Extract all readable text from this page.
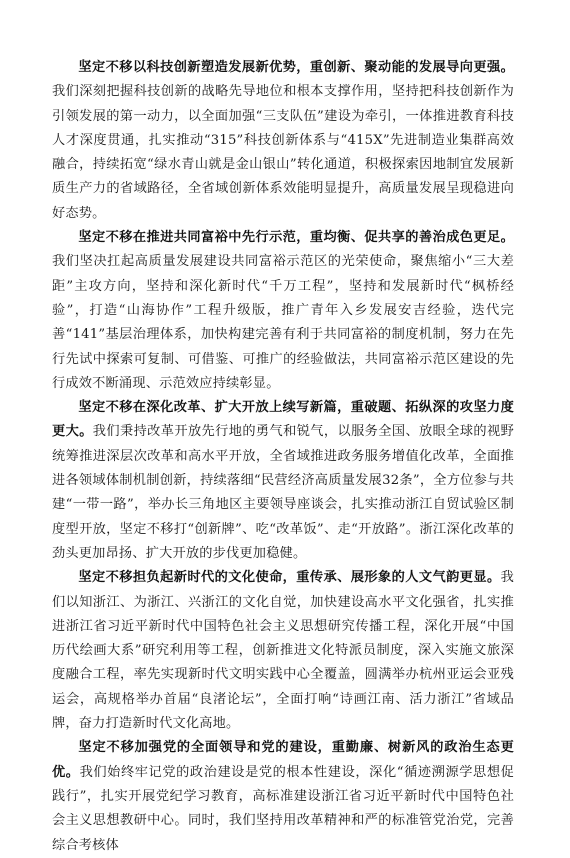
坚定不移以科技创新塑造发展新优势，重创新、聚动能的发展导向更强。我们深刻把握科技创新的战略先导地位和根本支撑作用，坚持把科技创新作为引领发展的第一动力，以全面加强“三支队伍”建设为牵引，一体推进教育科技人才深度贯通，扎实推动“315”科技创新体系与“415X”先进制造业集群高效融合，持续拓宽“绿水青山就是金山银山”转化通道，积极探索因地制宜发展新质生产力的省域路径，全省域创新体系效能明显提升，高质量发展呈现稳进向好态势。

坚定不移在推进共同富裕中先行示范，重均衡、促共享的善治成色更足。我们坚决扛起高质量发展建设共同富裕示范区的光荣使命，聚焦缩小“三大差距”主攻方向，坚持和深化新时代“千万工程”，坚持和发展新时代“枫桥经验”，打造“山海协作”工程升级版，推广青年入乡发展安吉经验，迭代完善“141”基层治理体系，加快构建完善有利于共同富裕的制度机制，努力在先行先试中探索可复制、可借鉴、可推广的经验做法，共同富裕示范区建设的先行成效不断涌现、示范效应持续彰显。

坚定不移在深化改革、扩大开放上续写新篇，重破题、拓纵深的攻坚力度更大。我们秉持改革开放先行地的勇气和锐气，以服务全国、放眼全球的视野统筹推进深层次改革和高水平开放，全省域推进政务服务增值化改革，全面推进各领域体制机制创新，持续落细“民营经济高质量发展32条”，全方位参与共建“一带一路”，举办长三角地区主要领导座谈会，扎实推动浙江自贸试验区制度型开放，坚定不移打“创新牌”、吃“改革饭”、走“开放路”。浙江深化改革的劲头更加昂扬、扩大开放的步伐更加稳健。

坚定不移担负起新时代的文化使命，重传承、展形象的人文气韵更显。我们以知浙江、为浙江、兴浙江的文化自觉，加快建设高水平文化强省，扎实推进浙江省习近平新时代中国特色社会主义思想研究传播工程，深化开展“中国历代绘画大系”研究利用等工程，创新推进文化特派员制度，深入实施文旅深度融合工程，率先实现新时代文明实践中心全覆盖，圆满举办杭州亚运会亚残运会，高规格举办首届“良渚论坛”，全面打响“诗画江南、活力浙江”省域品牌，奋力打造新时代文化高地。

坚定不移加强党的全面领导和党的建设，重勤廉、树新风的政治生态更优。我们始终牢记党的政治建设是党的根本性建设，深化“循迹溯源学思想促践行”，扎实开展党纪学习教育，高标准建设浙江省习近平新时代中国特色社会主义思想教研中心。同时，我们坚持用改革精神和严的标准管党治党，完善综合考核体
